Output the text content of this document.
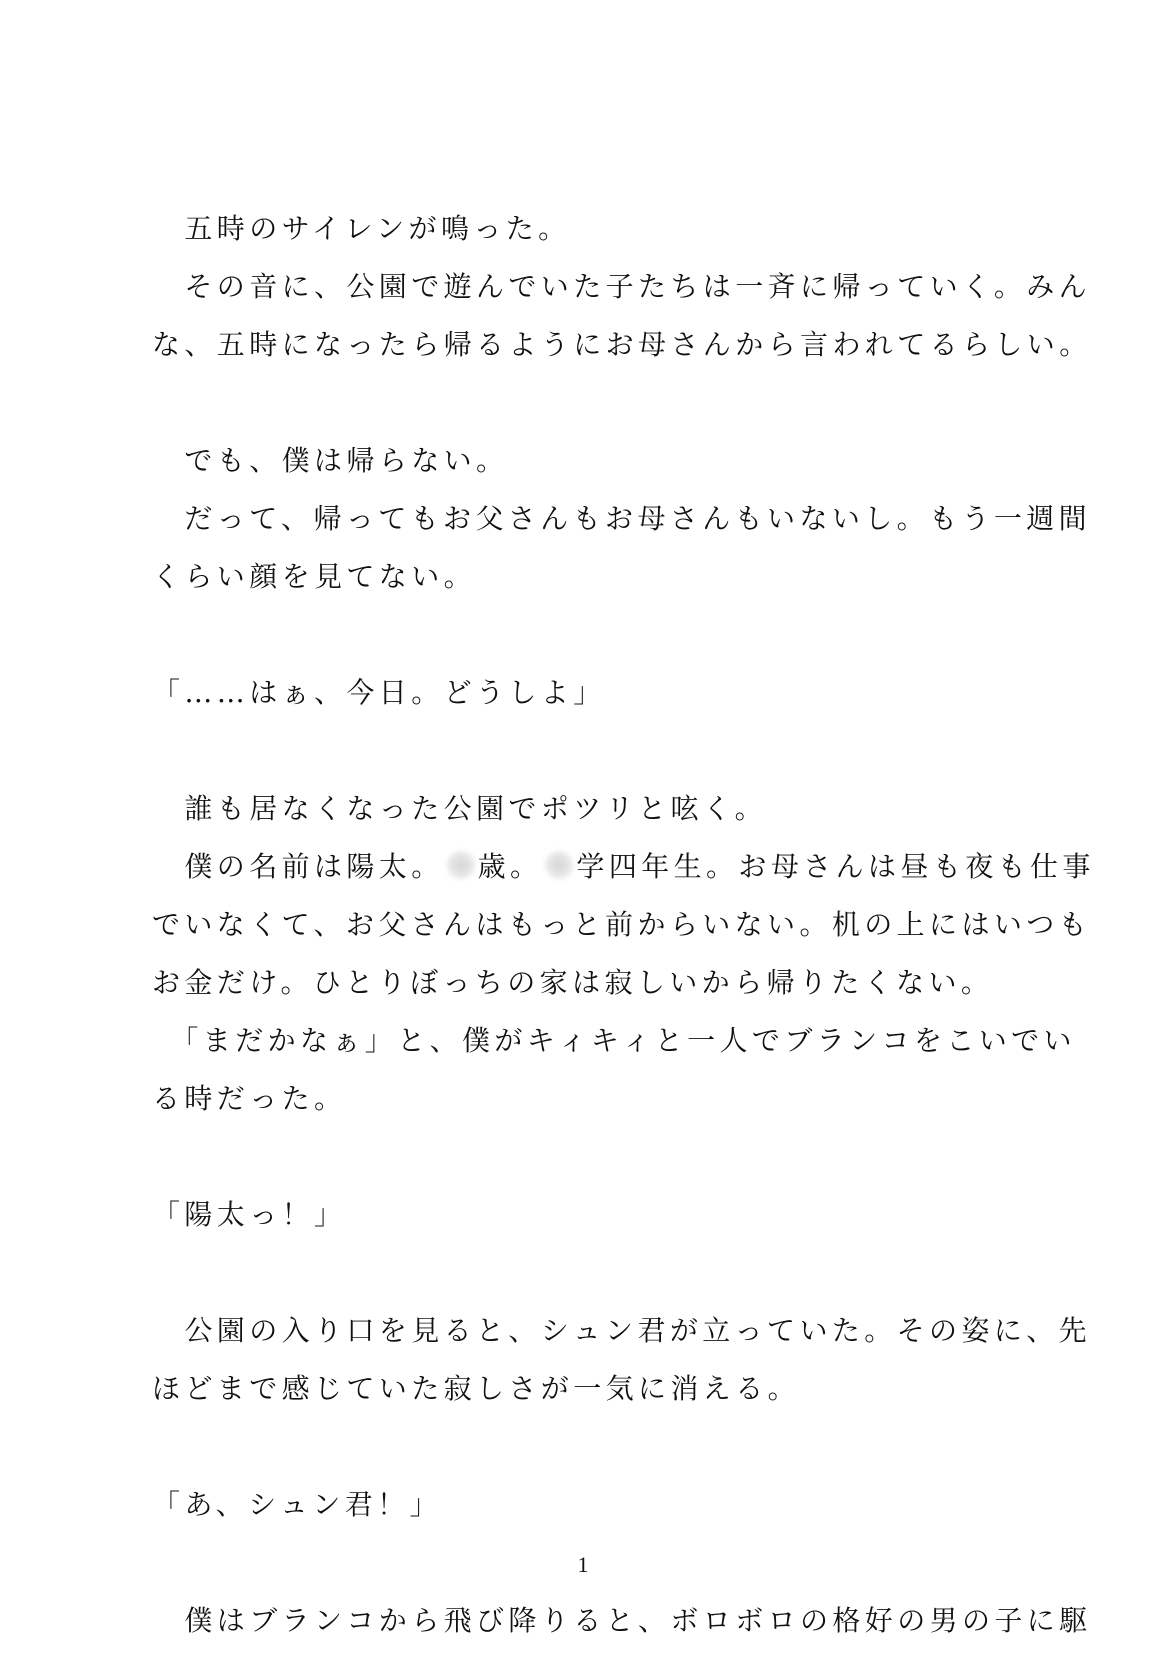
　五時のサイレンが鳴った。
　その音に、公園で遊んでいた子たちは一斉に帰っていく。みん
な、五時になったら帰るようにお母さんから言われてるらしい。
　でも、僕は帰らない。
　だって、帰ってもお父さんもお母さんもいないし。もう一週間
くらい顔を見てない。
「……はぁ、今日。どうしよ」
　誰も居なくなった公園でポツリと呟く。
　僕の名前は陽太。 歳。 学四年生。お母さんは昼も夜も仕事
でいなくて、お父さんはもっと前からいない。机の上にはいつも
お金だけ。ひとりぼっちの家は寂しいから帰りたくない。
　「まだかなぁ」と、僕がキィキィと一人でブランコをこいでい
る時だった。
「陽太っ！」
　公園の入り口を見ると、シュン君が立っていた。その姿に、先
ほどまで感じていた寂しさが一気に消える。
「あ、シュン君！」
　僕はブランコから飛び降りると、ボロボロの格好の男の子に駆
1
